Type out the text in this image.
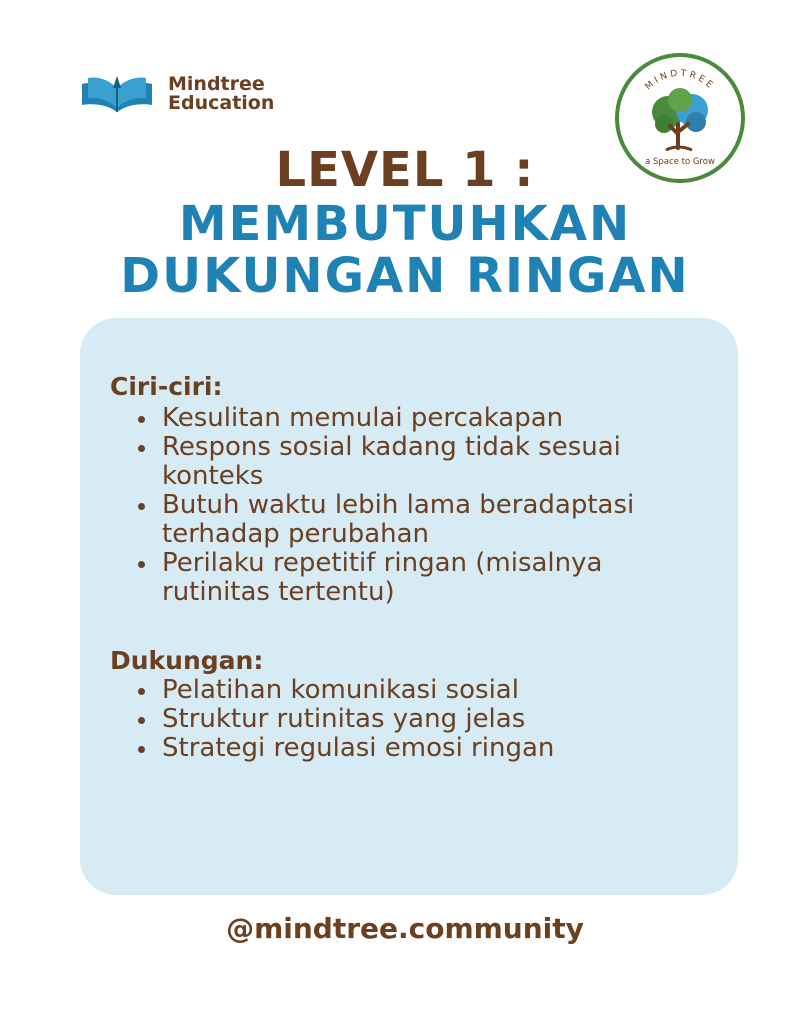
Mindtree
Education
MINDTREE
a Space to Grow
LEVEL 1 :
MEMBUTUHKAN
DUKUNGAN RINGAN
Ciri-ciri:
Kesulitan memulai percakapan
Respons sosial kadang tidak sesuai konteks
Butuh waktu lebih lama beradaptasi terhadap perubahan
Perilaku repetitif ringan (misalnya rutinitas tertentu)
Dukungan:
Pelatihan komunikasi sosial
Struktur rutinitas yang jelas
Strategi regulasi emosi ringan
@mindtree.community
